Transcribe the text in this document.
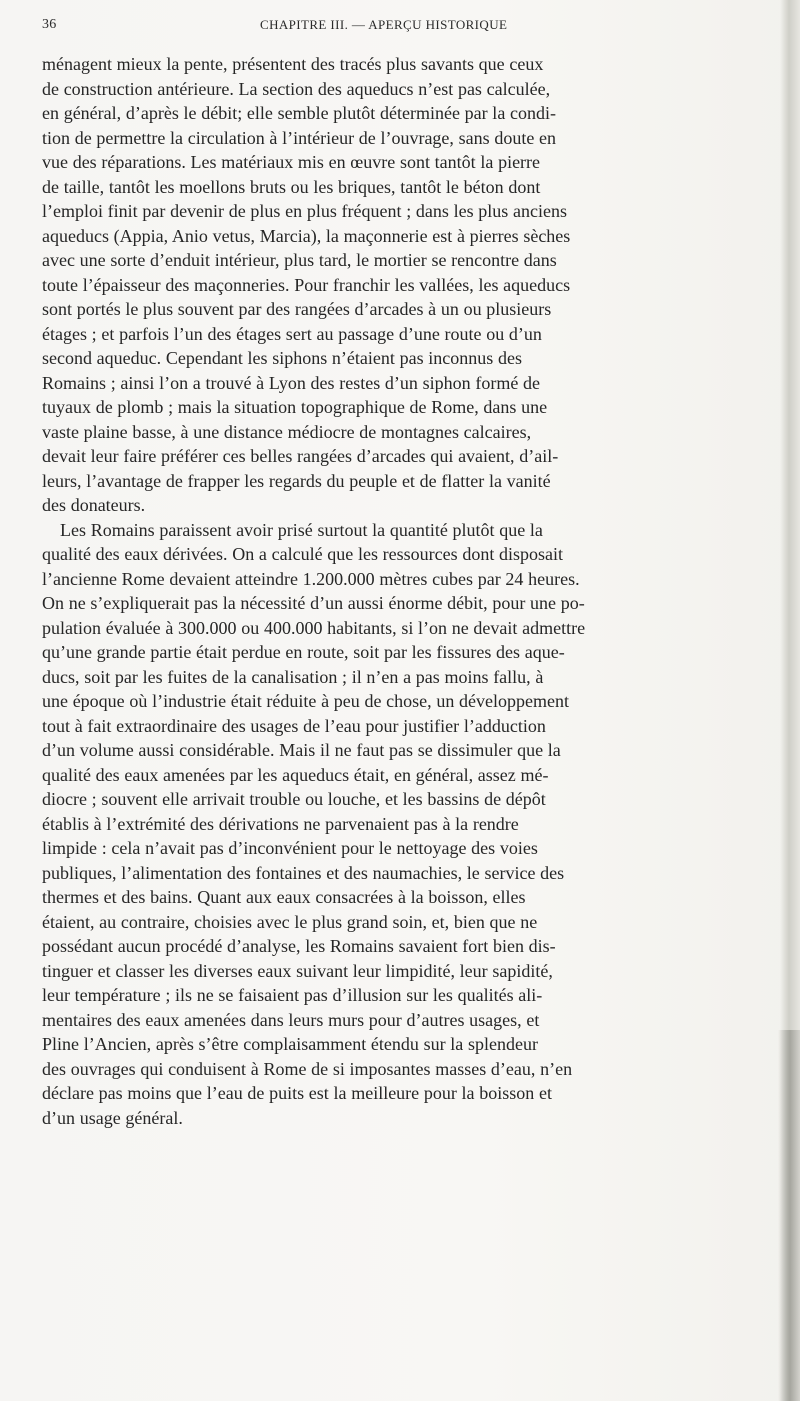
36	CHAPITRE III. — APERÇU HISTORIQUE
ménagent mieux la pente, présentent des tracés plus savants que ceux
de construction antérieure. La section des aqueducs n’est pas calculée,
en général, d’après le débit; elle semble plutôt déterminée par la condi-
tion de permettre la circulation à l’intérieur de l’ouvrage, sans doute en
vue des réparations. Les matériaux mis en œuvre sont tantôt la pierre
de taille, tantôt les moellons bruts ou les briques, tantôt le béton dont
l’emploi finit par devenir de plus en plus fréquent ; dans les plus anciens
aqueducs (Appia, Anio vetus, Marcia), la maçonnerie est à pierres sèches
avec une sorte d’enduit intérieur, plus tard, le mortier se rencontre dans
toute l’épaisseur des maçonneries. Pour franchir les vallées, les aqueducs
sont portés le plus souvent par des rangées d’arcades à un ou plusieurs
étages ; et parfois l’un des étages sert au passage d’une route ou d’un
second aqueduc. Cependant les siphons n’étaient pas inconnus des
Romains ; ainsi l’on a trouvé à Lyon des restes d’un siphon formé de
tuyaux de plomb ; mais la situation topographique de Rome, dans une
vaste plaine basse, à une distance médiocre de montagnes calcaires,
devait leur faire préférer ces belles rangées d’arcades qui avaient, d’ail-
leurs, l’avantage de frapper les regards du peuple et de flatter la vanité
des donateurs.
Les Romains paraissent avoir prisé surtout la quantité plutôt que la
qualité des eaux dérivées. On a calculé que les ressources dont disposait
l’ancienne Rome devaient atteindre 1.200.000 mètres cubes par 24 heures.
On ne s’expliquerait pas la nécessité d’un aussi énorme débit, pour une po-
pulation évaluée à 300.000 ou 400.000 habitants, si l’on ne devait admettre
qu’une grande partie était perdue en route, soit par les fissures des aque-
ducs, soit par les fuites de la canalisation ; il n’en a pas moins fallu, à
une époque où l’industrie était réduite à peu de chose, un développement
tout à fait extraordinaire des usages de l’eau pour justifier l’adduction
d’un volume aussi considérable. Mais il ne faut pas se dissimuler que la
qualité des eaux amenées par les aqueducs était, en général, assez mé-
diocre ; souvent elle arrivait trouble ou louche, et les bassins de dépôt
établis à l’extrémité des dérivations ne parvenaient pas à la rendre
limpide : cela n’avait pas d’inconvénient pour le nettoyage des voies
publiques, l’alimentation des fontaines et des naumachies, le service des
thermes et des bains. Quant aux eaux consacrées à la boisson, elles
étaient, au contraire, choisies avec le plus grand soin, et, bien que ne
possédant aucun procédé d’analyse, les Romains savaient fort bien dis-
tinguer et classer les diverses eaux suivant leur limpidité, leur sapidité,
leur température ; ils ne se faisaient pas d’illusion sur les qualités ali-
mentaires des eaux amenées dans leurs murs pour d’autres usages, et
Pline l’Ancien, après s’être complaisamment étendu sur la splendeur
des ouvrages qui conduisent à Rome de si imposantes masses d’eau, n’en
déclare pas moins que l’eau de puits est la meilleure pour la boisson et
d’un usage général.
